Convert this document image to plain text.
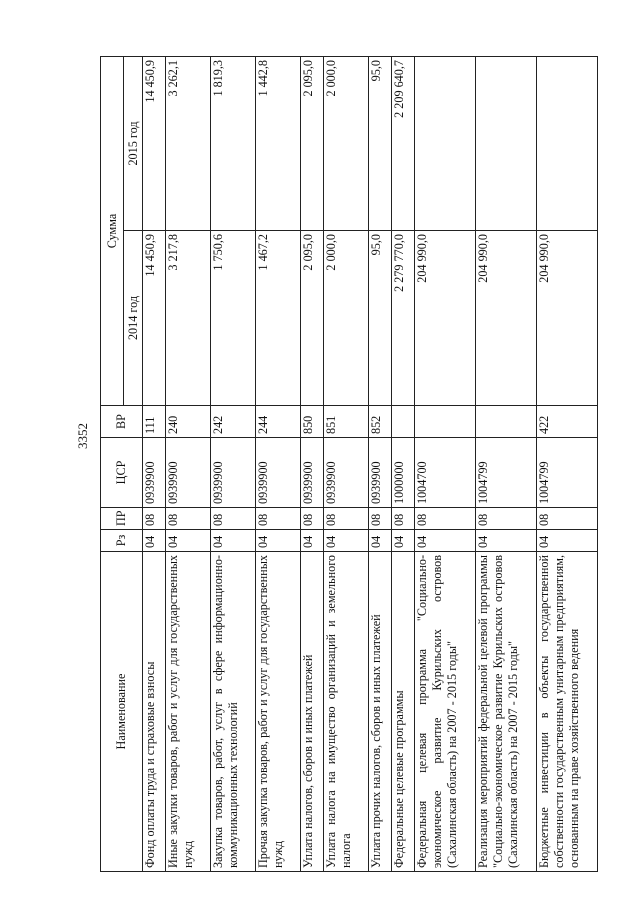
3352
Наименование	Рз	ПР	ЦСР	ВР	Сумма	
					2014 год	2015 год
Фонд оплаты труда и страховые взносы	04	08	0939900	111	14 450,9	14 450,9
Иные закупки товаров, работ и услуг для государственных нужд	04	08	0939900	240	3 217,8	3 262,1
Закупка товаров, работ, услуг в сфере информационно-коммуникационных технологий	04	08	0939900	242	1 750,6	1 819,3
Прочая закупка товаров, работ и услуг для государственных нужд	04	08	0939900	244	1 467,2	1 442,8
Уплата налогов, сборов и иных платежей	04	08	0939900	850	2 095,0	2 095,0
Уплата налога на имущество организаций и земельного налога	04	08	0939900	851	2 000,0	2 000,0
Уплата прочих налогов, сборов и иных платежей	04	08	0939900	852	95,0	95,0
Федеральные целевые программы	04	08	1000000		2 279 770,0	2 209 640,7
Федеральная целевая программа "Социально-экономическое развитие Курильских островов (Сахалинская область) на 2007 - 2015 годы"	04	08	1004700		204 990,0	
Реализация мероприятий федеральной целевой программы "Социально-экономическое развитие Курильских островов (Сахалинская область) на 2007 - 2015 годы"	04	08	1004799		204 990,0	
Бюджетные инвестиции в объекты государственной собственности государственным унитарным предприятиям, основанным на праве хозяйственного ведения	04	08	1004799	422	204 990,0	
